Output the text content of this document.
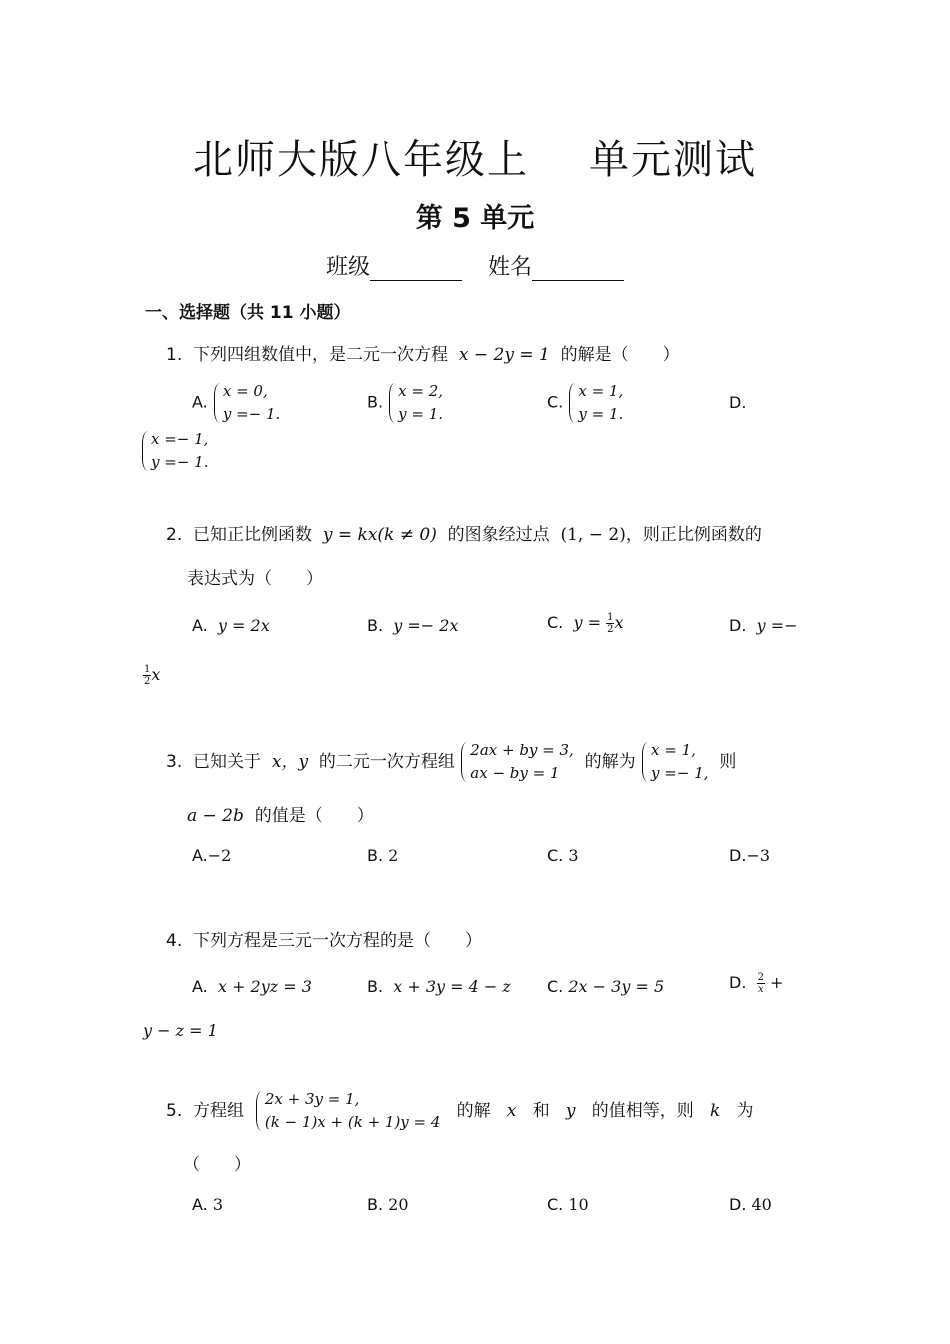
北师大版八年级上 单元测试
第 5 单元
班级	姓名
一、选择题（共 11 小题）
1. 下列四组数值中，是二元一次方程 x − 2y = 1 的解是（　　）
A.
x = 0,
y =− 1.
B.
x = 2,
y = 1.
C.
x = 1,
y = 1.
D.
x =− 1,
y =− 1.
2. 已知正比例函数 y = kx(k ≠ 0) 的图象经过点 (1, − 2)，则正比例函数的
表达式为（　　）
A. y = 2x	B. y =− 2x	C. $y = \frac{1}{2}$ x	D. y =−
$\frac{1}{2}$ x
3. 已知关于 x，y 的二元一次方程组
2ax + by = 3,
ax − by = 1
的解为
x = 1,
y =− 1,
则
a − 2b 的值是（　　）
A.−2	B. 2	C. 3	D.−3
4. 下列方程是三元一次方程的是（　　）
A. x + 2yz = 3	B. x + 3y = 4 − z C. 2x − 3y = 5	D. $\frac{2}{x}$ +
y − z = 1
5. 方程组
2x + 3y = 1,
(k − 1)x + (k + 1)y = 4
的解 x 和 y 的值相等，则 k 为
（　　）
A. 3	B. 20	C. 10	D. 40
